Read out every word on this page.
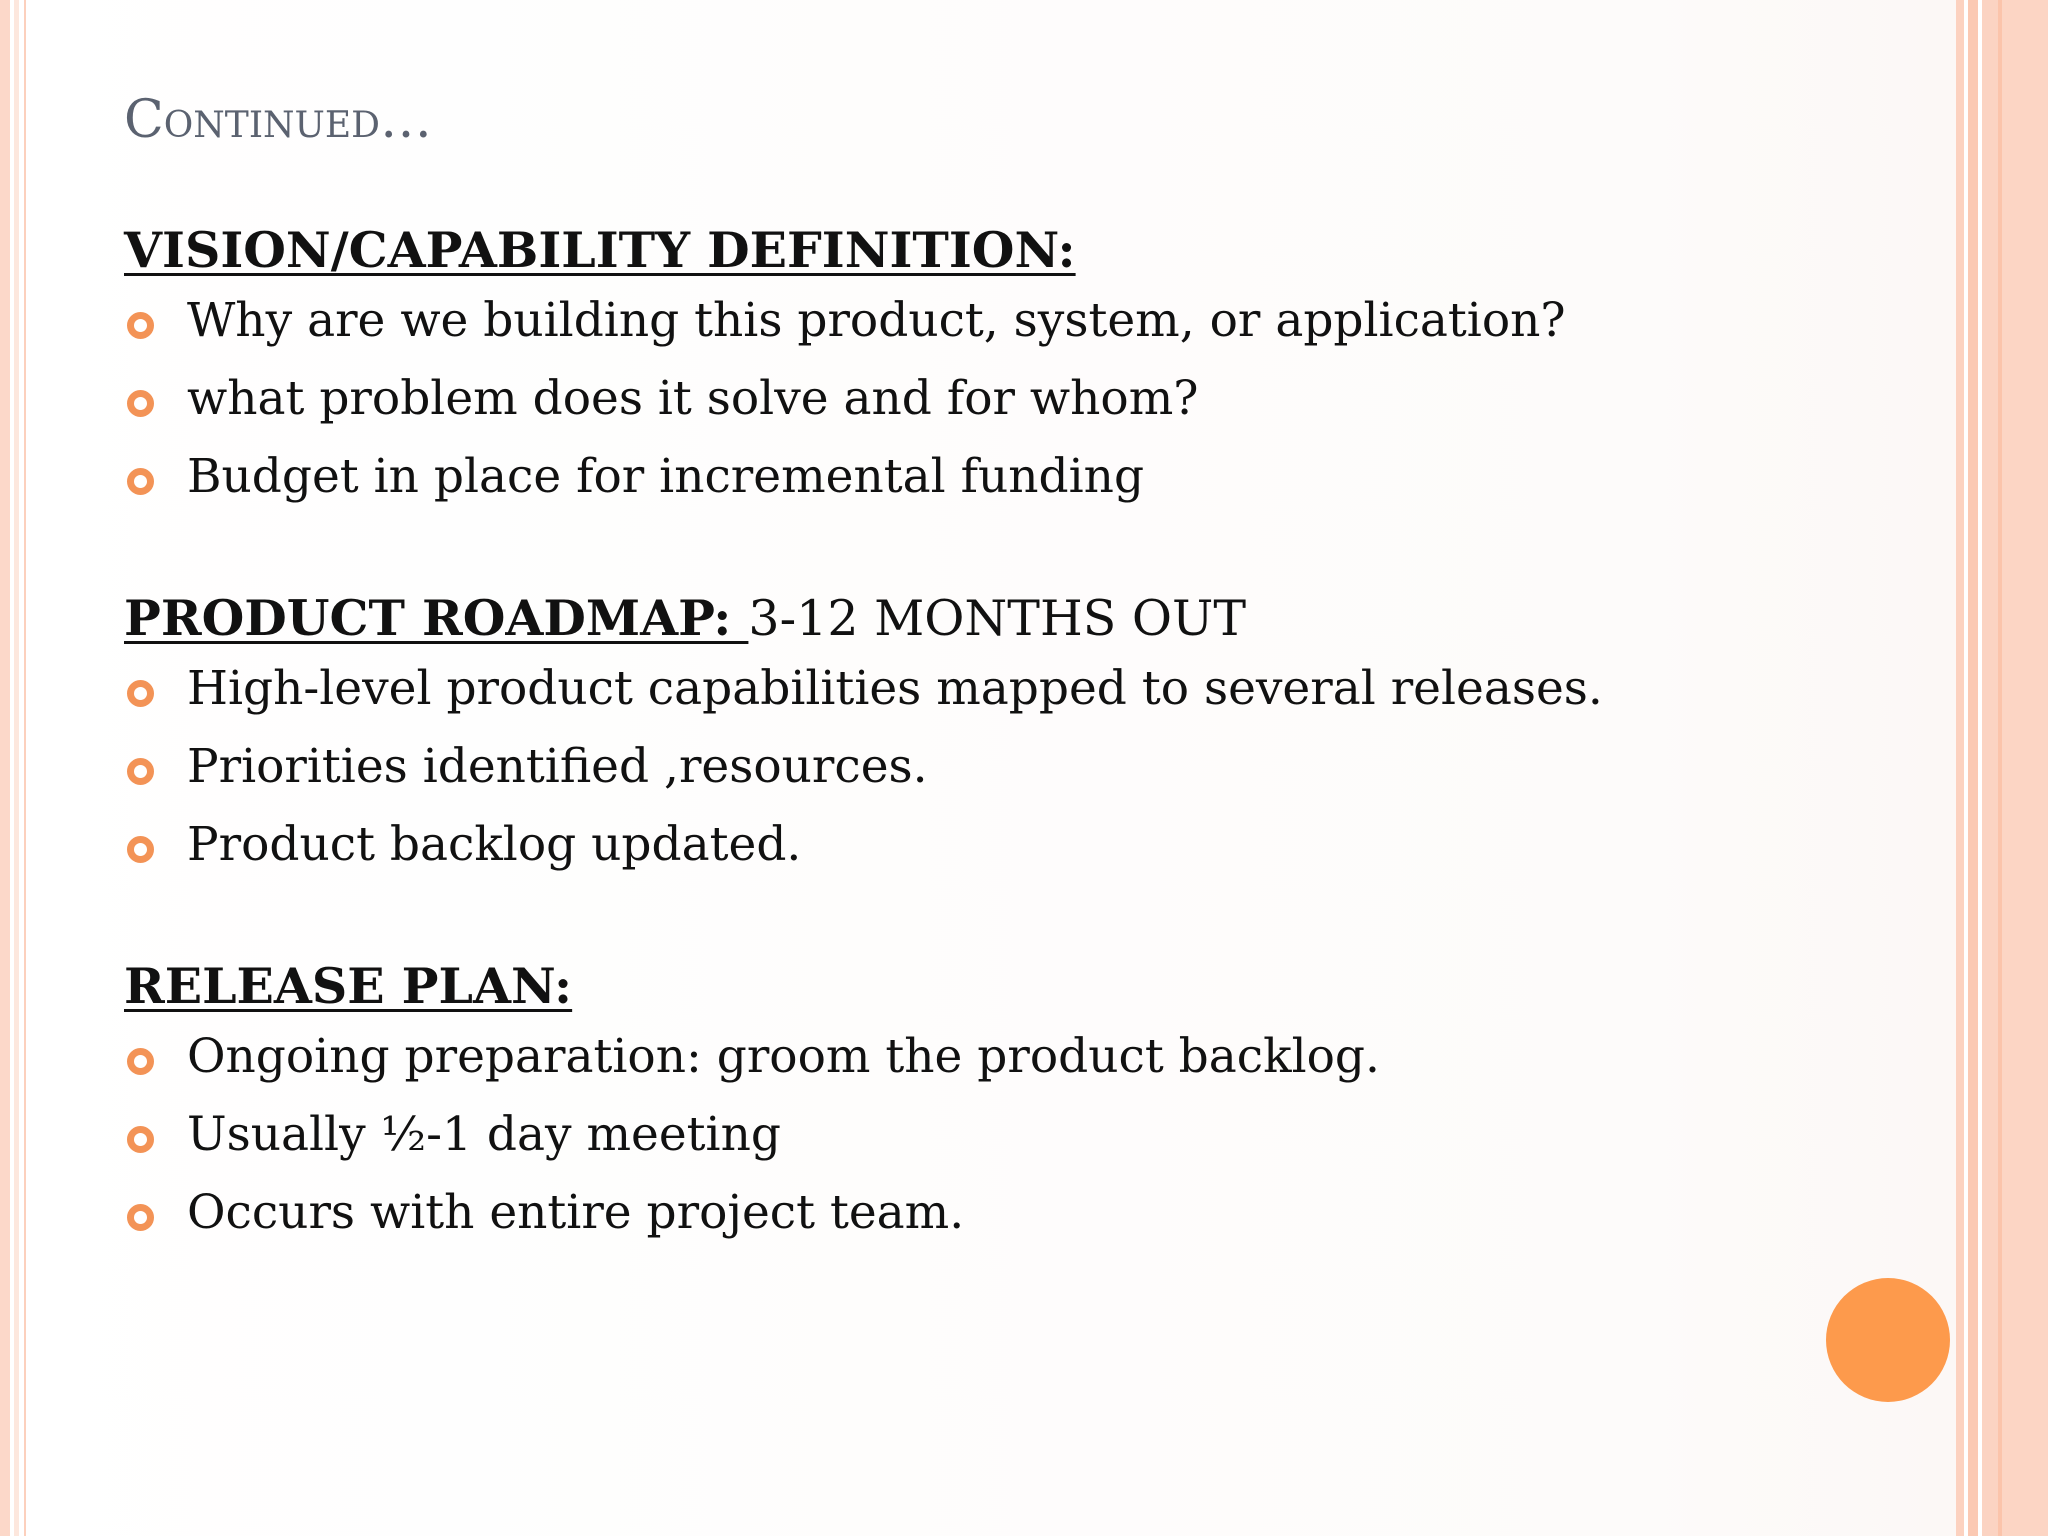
Continued…
VISION/CAPABILITY DEFINITION:
Why are we building this product, system, or application?
what problem does it solve and for whom?
Budget in place for incremental funding
PRODUCT ROADMAP: 3-12 MONTHS OUT
High-level product capabilities mapped to several releases.
Priorities identified ,resources.
Product backlog updated.
RELEASE PLAN:
Ongoing preparation: groom the product backlog.
Usually ½-1 day meeting
Occurs with entire project team.
